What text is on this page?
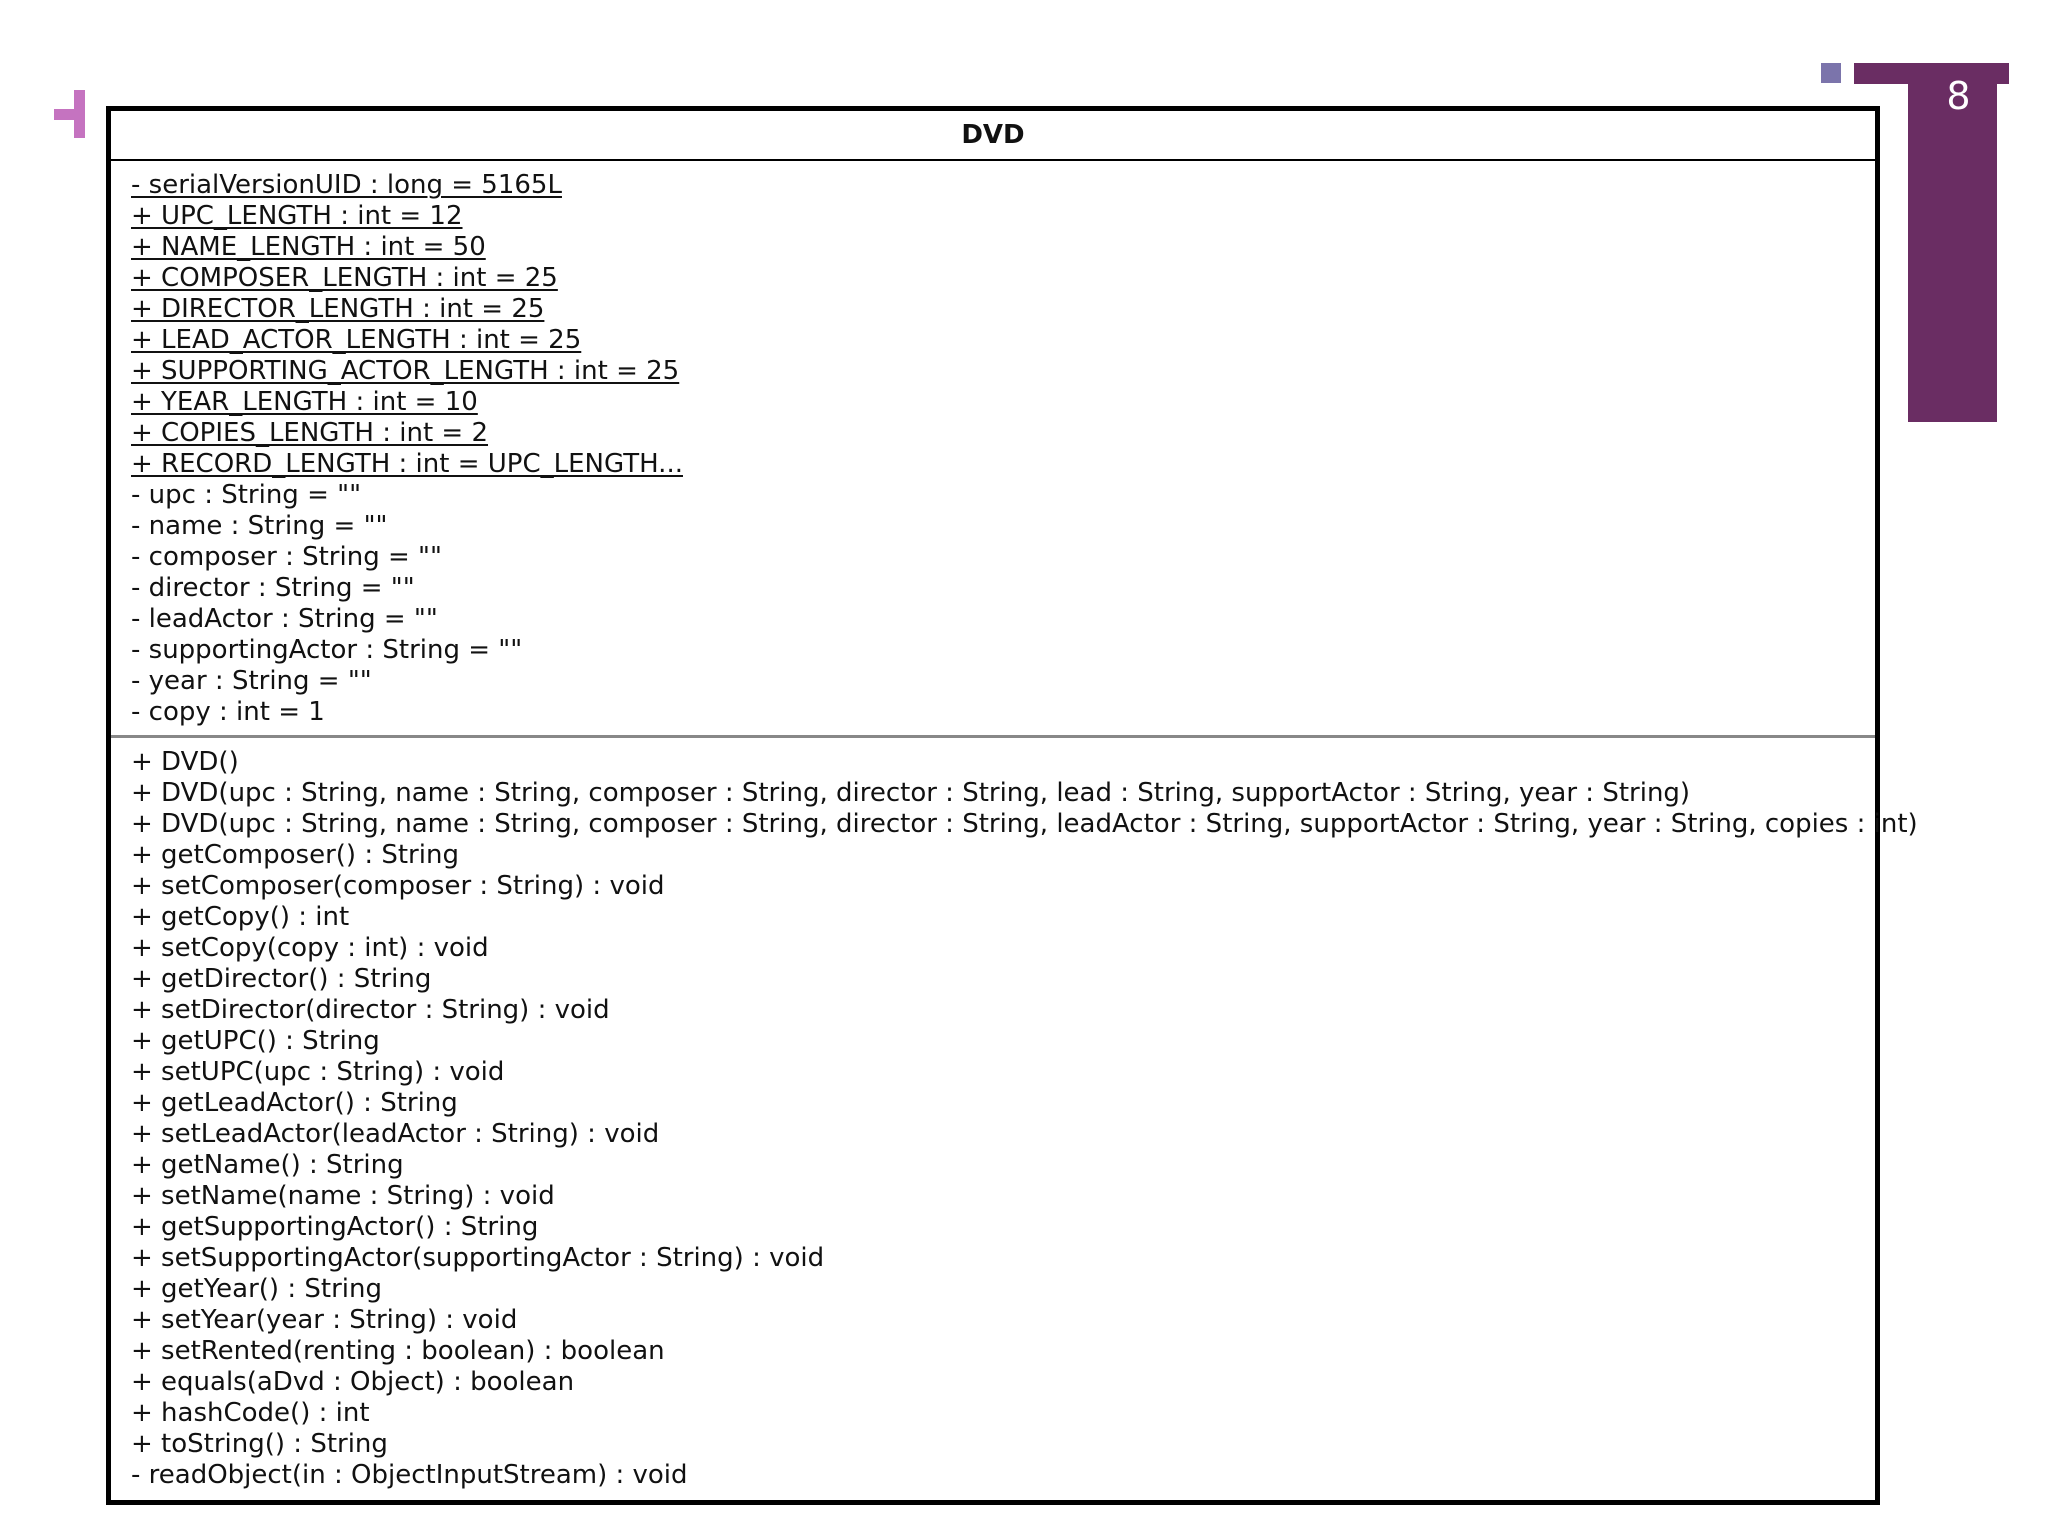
8
DVD
- serialVersionUID : long = 5165L
+ UPC_LENGTH : int = 12
+ NAME_LENGTH : int = 50
+ COMPOSER_LENGTH : int = 25
+ DIRECTOR_LENGTH : int = 25
+ LEAD_ACTOR_LENGTH : int = 25
+ SUPPORTING_ACTOR_LENGTH : int = 25
+ YEAR_LENGTH : int = 10
+ COPIES_LENGTH : int = 2
+ RECORD_LENGTH : int = UPC_LENGTH...
- upc : String = ""
- name : String = ""
- composer : String = ""
- director : String = ""
- leadActor : String = ""
- supportingActor : String = ""
- year : String = ""
- copy : int = 1
+ DVD()
+ DVD(upc : String, name : String, composer : String, director : String, lead : String, supportActor : String, year : String)
+ DVD(upc : String, name : String, composer : String, director : String, leadActor : String, supportActor : String, year : String, copies : int)
+ getComposer() : String
+ setComposer(composer : String) : void
+ getCopy() : int
+ setCopy(copy : int) : void
+ getDirector() : String
+ setDirector(director : String) : void
+ getUPC() : String
+ setUPC(upc : String) : void
+ getLeadActor() : String
+ setLeadActor(leadActor : String) : void
+ getName() : String
+ setName(name : String) : void
+ getSupportingActor() : String
+ setSupportingActor(supportingActor : String) : void
+ getYear() : String
+ setYear(year : String) : void
+ setRented(renting : boolean) : boolean
+ equals(aDvd : Object) : boolean
+ hashCode() : int
+ toString() : String
- readObject(in : ObjectInputStream) : void
